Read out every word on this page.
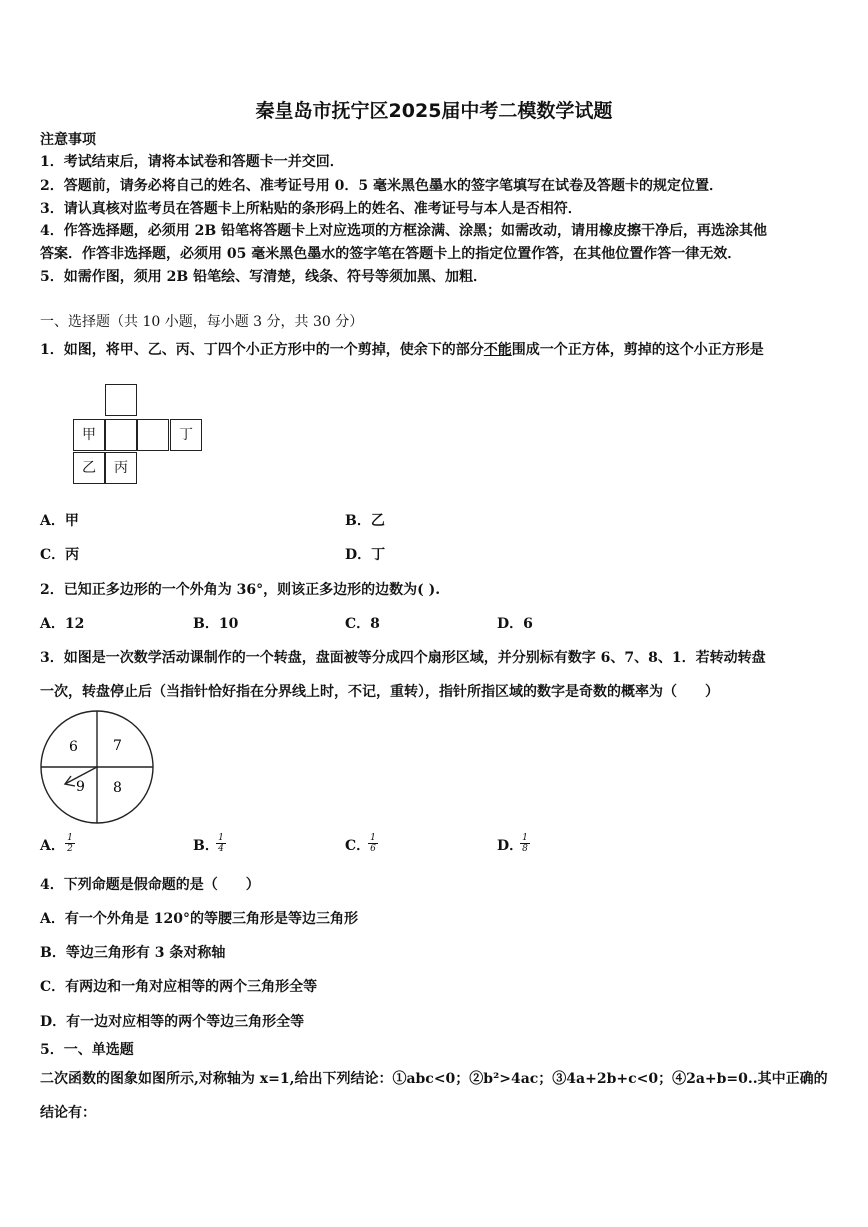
秦皇岛市抚宁区2025届中考二模数学试题
注意事项
1．考试结束后，请将本试卷和答题卡一并交回．
2．答题前，请务必将自己的姓名、准考证号用 0．5 毫米黑色墨水的签字笔填写在试卷及答题卡的规定位置．
3．请认真核对监考员在答题卡上所粘贴的条形码上的姓名、准考证号与本人是否相符．
4．作答选择题，必须用 2B 铅笔将答题卡上对应选项的方框涂满、涂黑；如需改动，请用橡皮擦干净后，再选涂其他
答案．作答非选择题，必须用 05 毫米黑色墨水的签字笔在答题卡上的指定位置作答，在其他位置作答一律无效．
5．如需作图，须用 2B 铅笔绘、写清楚，线条、符号等须加黑、加粗．
一、选择题（共 10 小题，每小题 3 分，共 30 分）
1．如图，将甲、乙、丙、丁四个小正方形中的一个剪掉，使余下的部分不能围成一个正方体，剪掉的这个小正方形是
甲	丁
乙	丙
A．甲	B．乙
C．丙	D．丁
2．已知正多边形的一个外角为 36°，则该正多边形的边数为( ).
A．12	B．10	C．8	D．6
3．如图是一次数学活动课制作的一个转盘，盘面被等分成四个扇形区域，并分别标有数字 6、7、8、1．若转动转盘
一次，转盘停止后（当指针恰好指在分界线上时，不记，重转），指针所指区域的数字是奇数的概率为（　　）
6	7
9 8
A． $\frac{1}{2}$	B．
$\frac{1}{4}$	C．
$\frac{1}{6}$	D．
$\frac{1}{8}$
4．下列命题是假命题的是（　　）
A．有一个外角是 120°的等腰三角形是等边三角形
B．等边三角形有 3 条对称轴
C．有两边和一角对应相等的两个三角形全等
D．有一边对应相等的两个等边三角形全等
5．一、单选题
二次函数的图象如图所示,对称轴为 x=1,给出下列结论：①abc<0；②b²>4ac；③4a+2b+c<0；④2a+b=0..其中正确的
结论有：
